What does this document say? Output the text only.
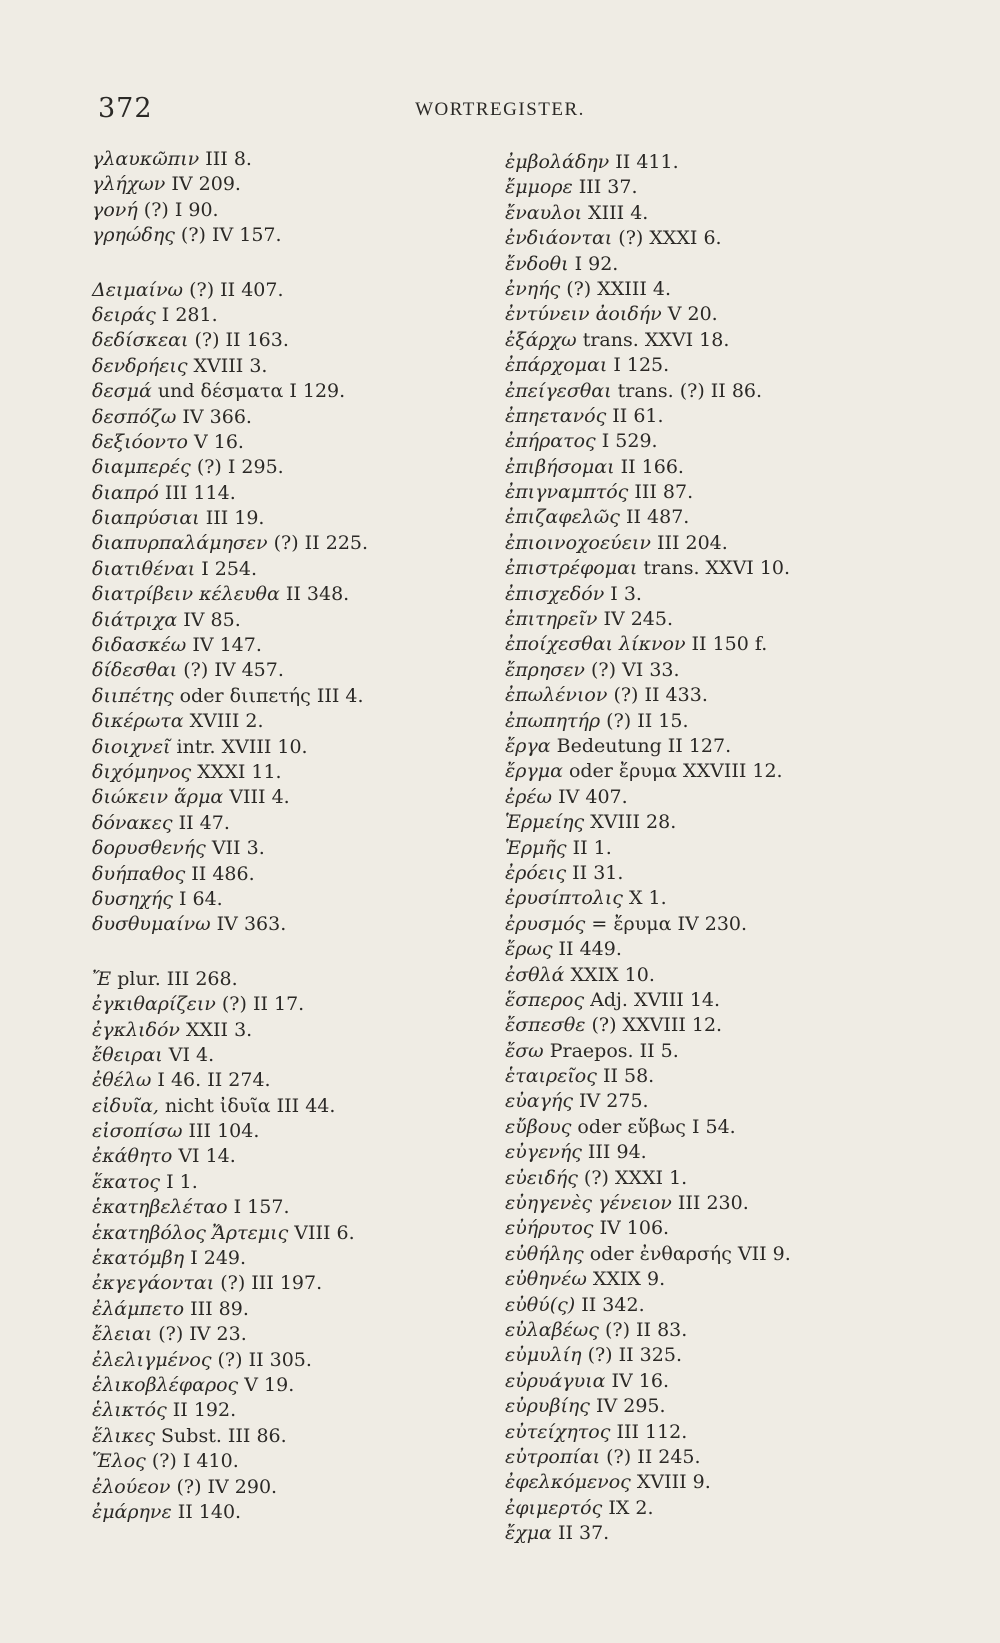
372	WORTREGISTER.
γλαυκῶπιν III 8.
γλήχων IV 209.
γονή (?) I 90.
γρηώδης (?) IV 157.
Δειμαίνω (?) II 407.
δειράς I 281.
δεδίσκεαι (?) II 163.
δενδρήεις XVIII 3.
δεσμά und δέσματα I 129.
δεσπόζω IV 366.
δεξιόοντο V 16.
διαμπερές (?) I 295.
διαπρό III 114.
διαπρύσιαι III 19.
διαπυρπαλάμησεν (?) II 225.
διατιθέναι I 254.
διατρίβειν κέλευθα II 348.
διάτριχα IV 85.
διδασκέω IV 147.
δίδεσθαι (?) IV 457.
διιπέτης oder διιπετής III 4.
δικέρωτα XVIII 2.
διοιχνεῖ intr. XVIII 10.
διχόμηνος XXXI 11.
διώκειν ἅρμα VIII 4.
δόνακες II 47.
δορυσθενής VII 3.
δυήπαθος II 486.
δυσηχής I 64.
δυσθυμαίνω IV 363.
Ἔ plur. III 268.
ἐγκιθαρίζειν (?) II 17.
ἐγκλιδόν XXII 3.
ἔθειραι VI 4.
ἐθέλω I 46. II 274.
εἰδυῖα, nicht ἰδυῖα III 44.
εἰσοπίσω III 104.
ἐκάθητο VI 14.
ἕκατος I 1.
ἑκατηβελέταο I 157.
ἑκατηβόλος Ἄρτεμις VIII 6.
ἑκατόμβη I 249.
ἐκγεγάονται (?) III 197.
ἐλάμπετο III 89.
ἔλειαι (?) IV 23.
ἐλελιγμένος (?) II 305.
ἑλικοβλέφαρος V 19.
ἑλικτός II 192.
ἕλικες Subst. III 86.
Ἕλος (?) I 410.
ἐλούεον (?) IV 290.
ἐμάρηνε II 140.
ἐμβολάδην II 411.
ἔμμορε III 37.
ἔναυλοι XIII 4.
ἐνδιάονται (?) XXXI 6.
ἔνδοθι I 92.
ἐνηής (?) XXIII 4.
ἐντύνειν ἀοιδήν V 20.
ἐξάρχω trans. XXVI 18.
ἐπάρχομαι I 125.
ἐπείγεσθαι trans. (?) II 86.
ἐπηετανός II 61.
ἐπήρατος I 529.
ἐπιβήσομαι II 166.
ἐπιγναμπτός III 87.
ἐπιζαφελῶς II 487.
ἐπιοινοχοεύειν III 204.
ἐπιστρέφομαι trans. XXVI 10.
ἐπισχεδόν I 3.
ἐπιτηρεῖν IV 245.
ἐποίχεσθαι λίκνον II 150 f.
ἔπρησεν (?) VI 33.
ἐπωλένιον (?) II 433.
ἐπωπητήρ (?) II 15.
ἔργα Bedeutung II 127.
ἔργμα oder ἔρυμα XXVIII 12.
ἐρέω IV 407.
Ἑρμείης XVIII 28.
Ἑρμῆς II 1.
ἐρόεις II 31.
ἐρυσίπτολις X 1.
ἐρυσμός = ἔρυμα IV 230.
ἔρως II 449.
ἐσθλά XXIX 10.
ἕσπερος Adj. XVIII 14.
ἔσπεσθε (?) XXVIII 12.
ἔσω Praepos. II 5.
ἑταιρεῖος II 58.
εὐαγής IV 275.
εὔβους oder εὔβως I 54.
εὐγενής III 94.
εὐειδής (?) XXXI 1.
εὐηγενὲς γένειον III 230.
εὐήρυτος IV 106.
εὐθήλης oder ἐνθαρσής VII 9.
εὐθηνέω XXIX 9.
εὐθύ(ς) II 342.
εὐλαβέως (?) II 83.
εὐμυλίη (?) II 325.
εὐρυάγυια IV 16.
εὐρυβίης IV 295.
εὐτείχητος III 112.
εὐτροπίαι (?) II 245.
ἐφελκόμενος XVIII 9.
ἐφιμερτός IX 2.
ἔχμα II 37.
